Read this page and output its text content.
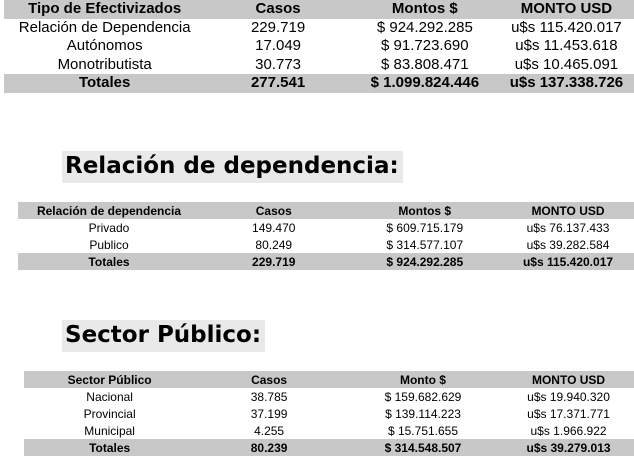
Tipo de Efectivizados	Casos	Montos $	MONTO USD
Relación de Dependencia	229.719	$ 924.292.285	u$s 115.420.017
Autónomos	17.049	$ 91.723.690	u$s 11.453.618
Monotributista	30.773	$ 83.808.471	u$s 10.465.091
Totales	277.541	$ 1.099.824.446	u$s 137.338.726
Relación de dependencia:
Relación de dependencia	Casos	Montos $	MONTO USD
Privado	149.470	$ 609.715.179	u$s 76.137.433
Publico	80.249	$ 314.577.107	u$s 39.282.584
Totales	229.719	$ 924.292.285	u$s 115.420.017
Sector Público:
Sector Público	Casos	Monto $	MONTO USD
Nacional	38.785	$ 159.682.629	u$s 19.940.320
Provincial	37.199	$ 139.114.223	u$s 17.371.771
Municipal	4.255	$ 15.751.655	u$s 1.966.922
Totales	80.239	$ 314.548.507	u$s 39.279.013
